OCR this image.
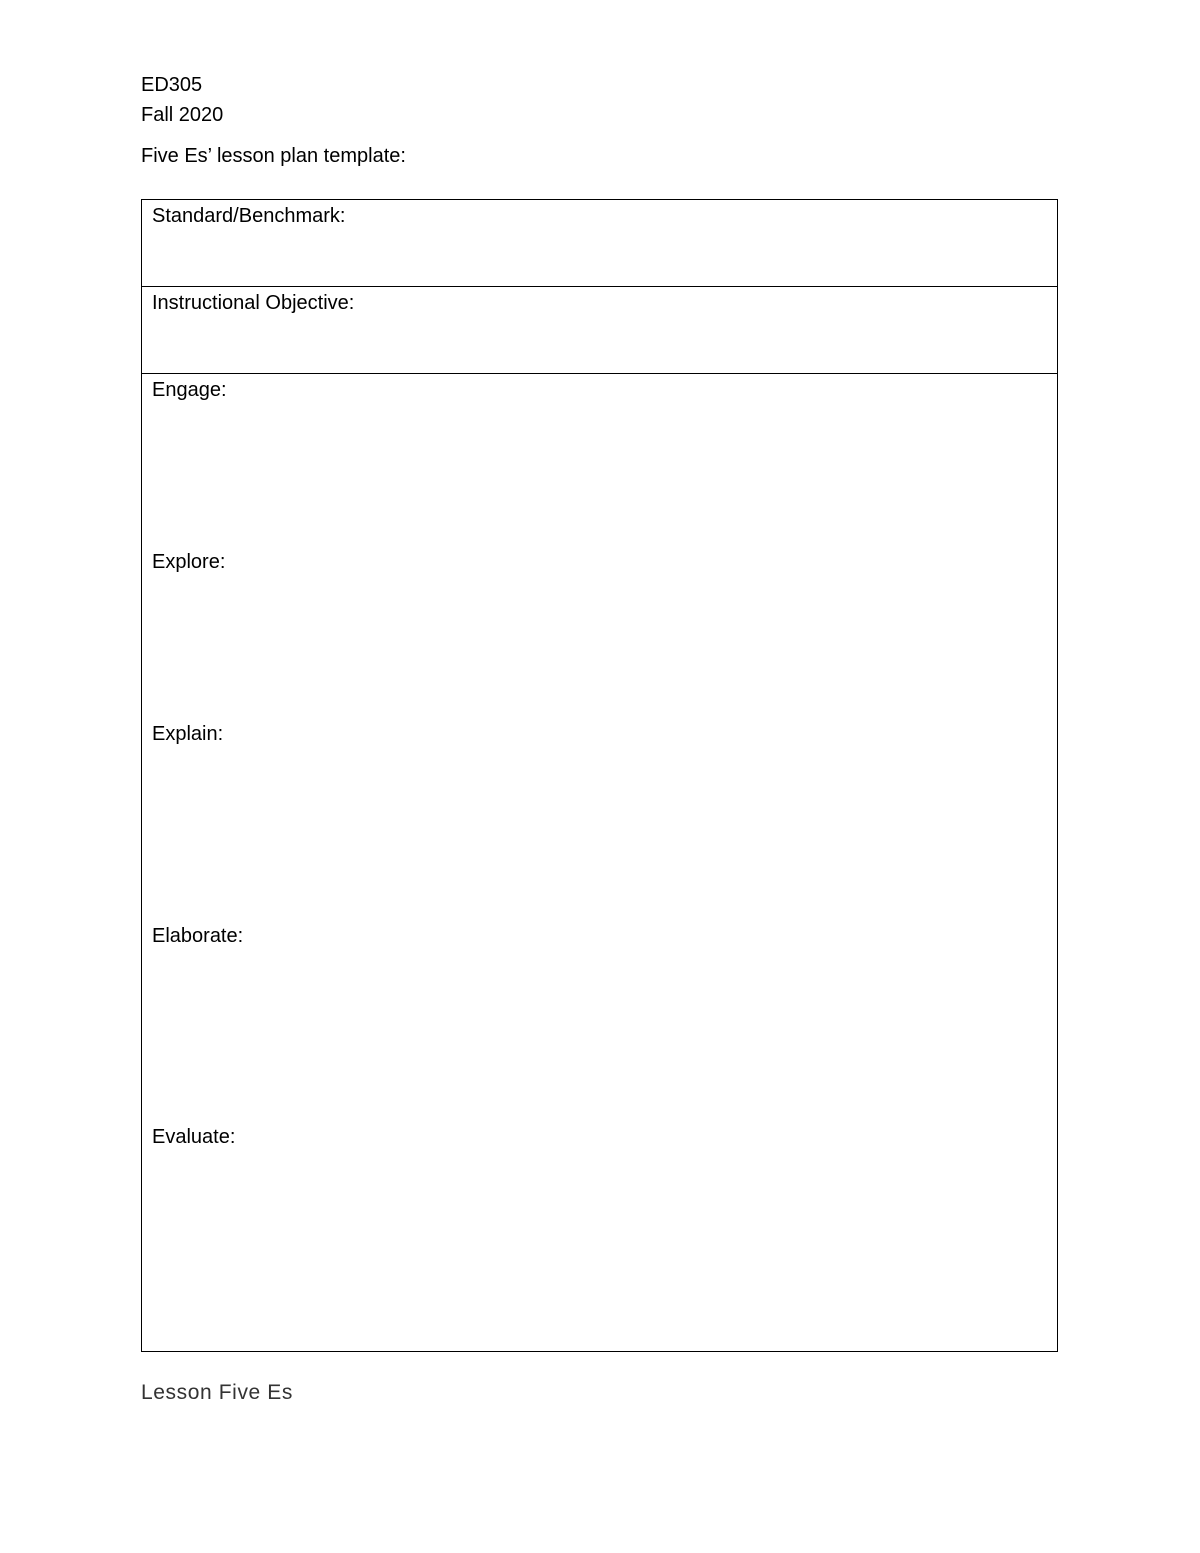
ED305
Fall 2020
Five Es’ lesson plan template:
Standard/Benchmark:
Instructional Objective:
Engage:
Explore:
Explain:
Elaborate:
Evaluate:
Lesson Five Es
